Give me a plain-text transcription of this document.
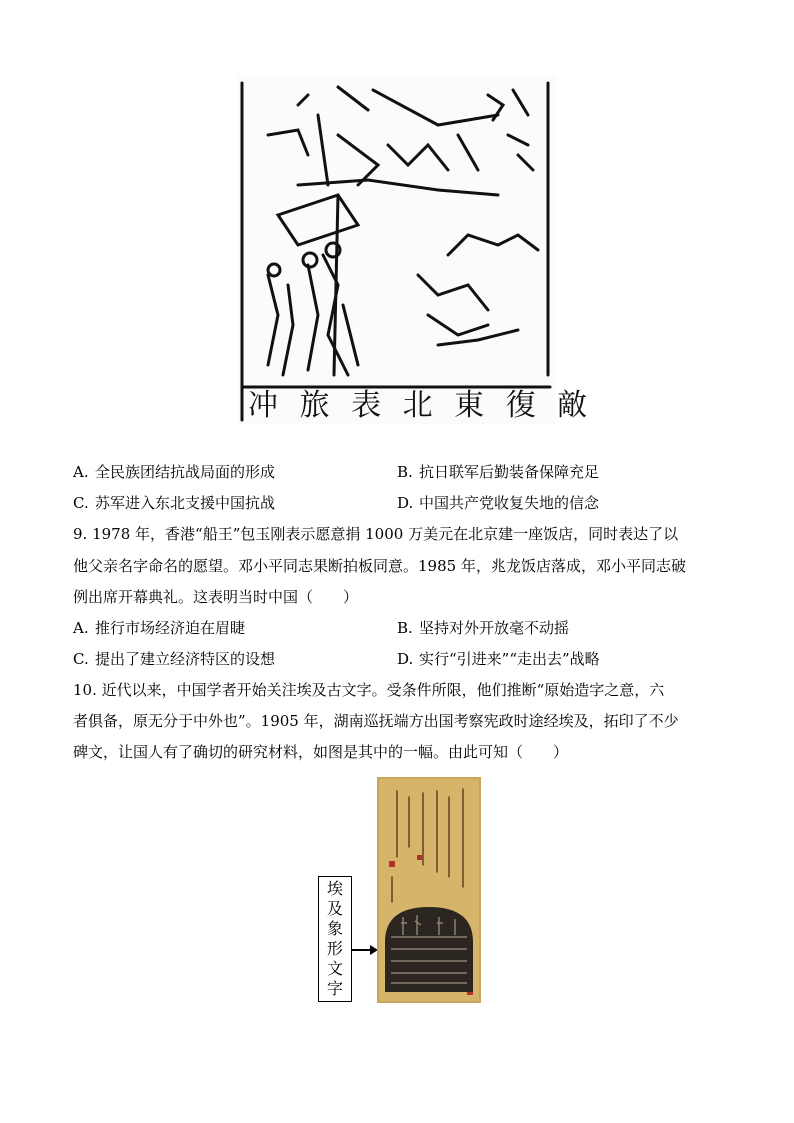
冲 旅 表 北 東 復 敵
A. 全民族团结抗战局面的形成	B. 抗日联军后勤装备保障充足
C. 苏军进入东北支援中国抗战	D. 中国共产党收复失地的信念
9. 1978 年，香港“船王”包玉刚表示愿意捐 1000 万美元在北京建一座饭店，同时表达了以
他父亲名字命名的愿望。邓小平同志果断拍板同意。1985 年，兆龙饭店落成，邓小平同志破
例出席开幕典礼。这表明当时中国（　　）
A. 推行市场经济迫在眉睫	B. 坚持对外开放毫不动摇
C. 提出了建立经济特区的设想	D. 实行“引进来”“走出去”战略
10. 近代以来，中国学者开始关注埃及古文字。受条件所限，他们推断“原始造字之意，六
者俱备，原无分于中外也”。1905 年，湖南巡抚端方出国考察宪政时途经埃及，拓印了不少
碑文，让国人有了确切的研究材料，如图是其中的一幅。由此可知（　　）
埃
及
象
形
文
字
